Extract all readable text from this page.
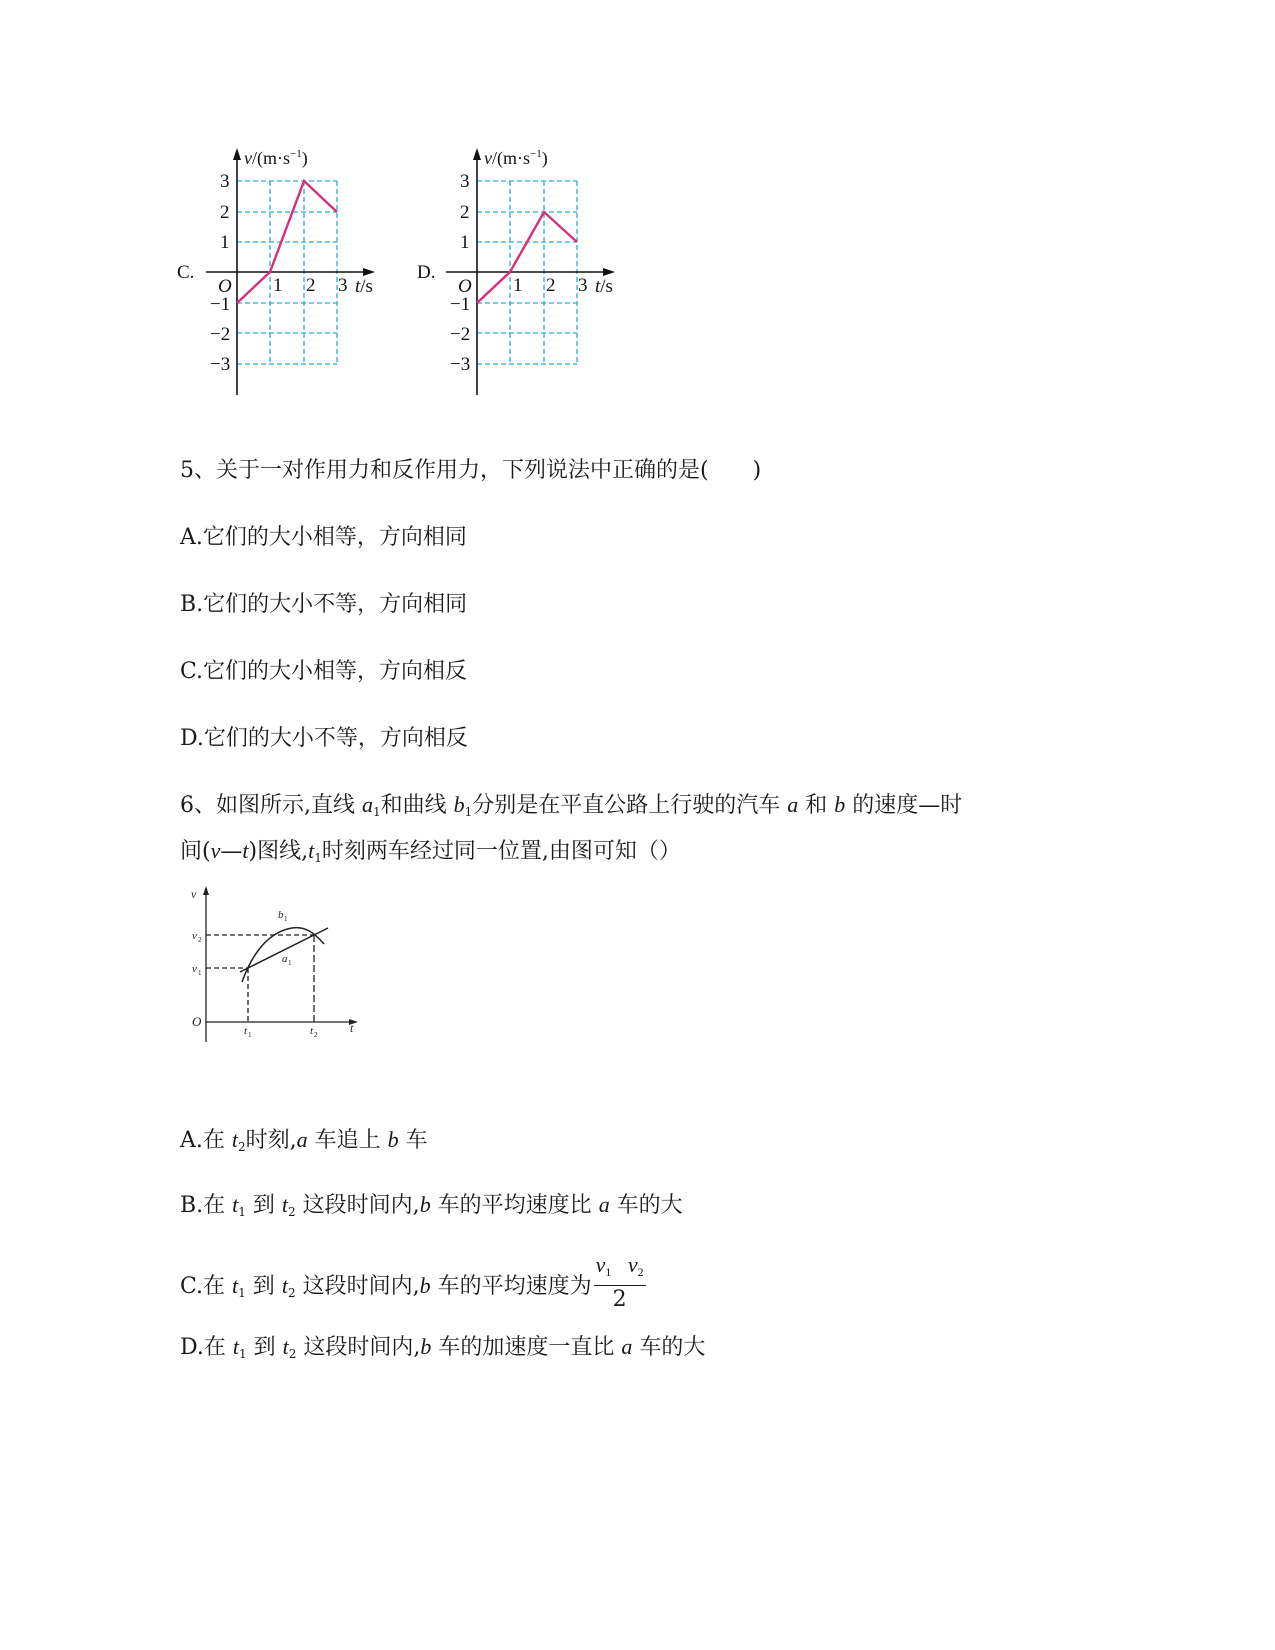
C.
$v/(m\cdot s^{-1})$
3
2
1
O
−1
−2
−3
1 2 3 t/s
D.
$v/(m\cdot s^{-1})$
3
2
1
O
−1
−2
−3
1 2 3 t/s
5、关于一对作用力和反作用力，下列说法中正确的是(　　)
A.它们的大小相等，方向相同
B.它们的大小不等，方向相同
C.它们的大小相等，方向相反
D.它们的大小不等，方向相反
6、如图所示,直线 $a_1$和曲线 $b_1$分别是在平直公路上行驶的汽车 a 和 b 的速度—时
间(v—t)图线$,t_1$时刻两车经过同一位置,由图可知（）
v
t
O
v 2
v 1
t 1	t 2
b 1
a 1
A.在 $t_2$时刻,a 车追上 b 车
B.在 $t_1$ 到 $t_2$ 这段时间内,b 车的平均速度比 a 车的大
C.在 $t_1$ 到 $t_2$ 这段时间内,b 车的平均速度为 $\frac{v_1 v_2}{2}$
D.在 $t_1$ 到 $t_2$ 这段时间内,b 车的加速度一直比 a 车的大
